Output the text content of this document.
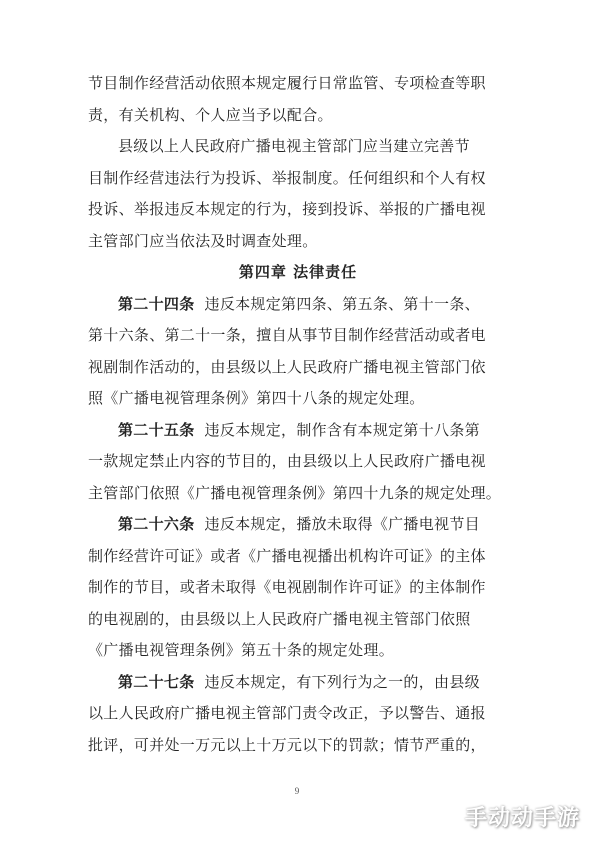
节目制作经营活动依照本规定履行日常监管、专项检查等职
责，有关机构、个人应当予以配合。
县级以上人民政府广播电视主管部门应当建立完善节
目制作经营违法行为投诉、举报制度。任何组织和个人有权
投诉、举报违反本规定的行为，接到投诉、举报的广播电视
主管部门应当依法及时调查处理。
第四章 法律责任
第二十四条 违反本规定第四条、第五条、第十一条、
第十六条、第二十一条，擅自从事节目制作经营活动或者电
视剧制作活动的，由县级以上人民政府广播电视主管部门依
照《广播电视管理条例》第四十八条的规定处理。
第二十五条 违反本规定，制作含有本规定第十八条第
一款规定禁止内容的节目的，由县级以上人民政府广播电视
主管部门依照《广播电视管理条例》第四十九条的规定处理。
第二十六条 违反本规定，播放未取得《广播电视节目
制作经营许可证》或者《广播电视播出机构许可证》的主体
制作的节目，或者未取得《电视剧制作许可证》的主体制作
的电视剧的，由县级以上人民政府广播电视主管部门依照
《广播电视管理条例》第五十条的规定处理。
第二十七条 违反本规定，有下列行为之一的，由县级
以上人民政府广播电视主管部门责令改正，予以警告、通报
批评，可并处一万元以上十万元以下的罚款；情节严重的，
9
手动动手游
